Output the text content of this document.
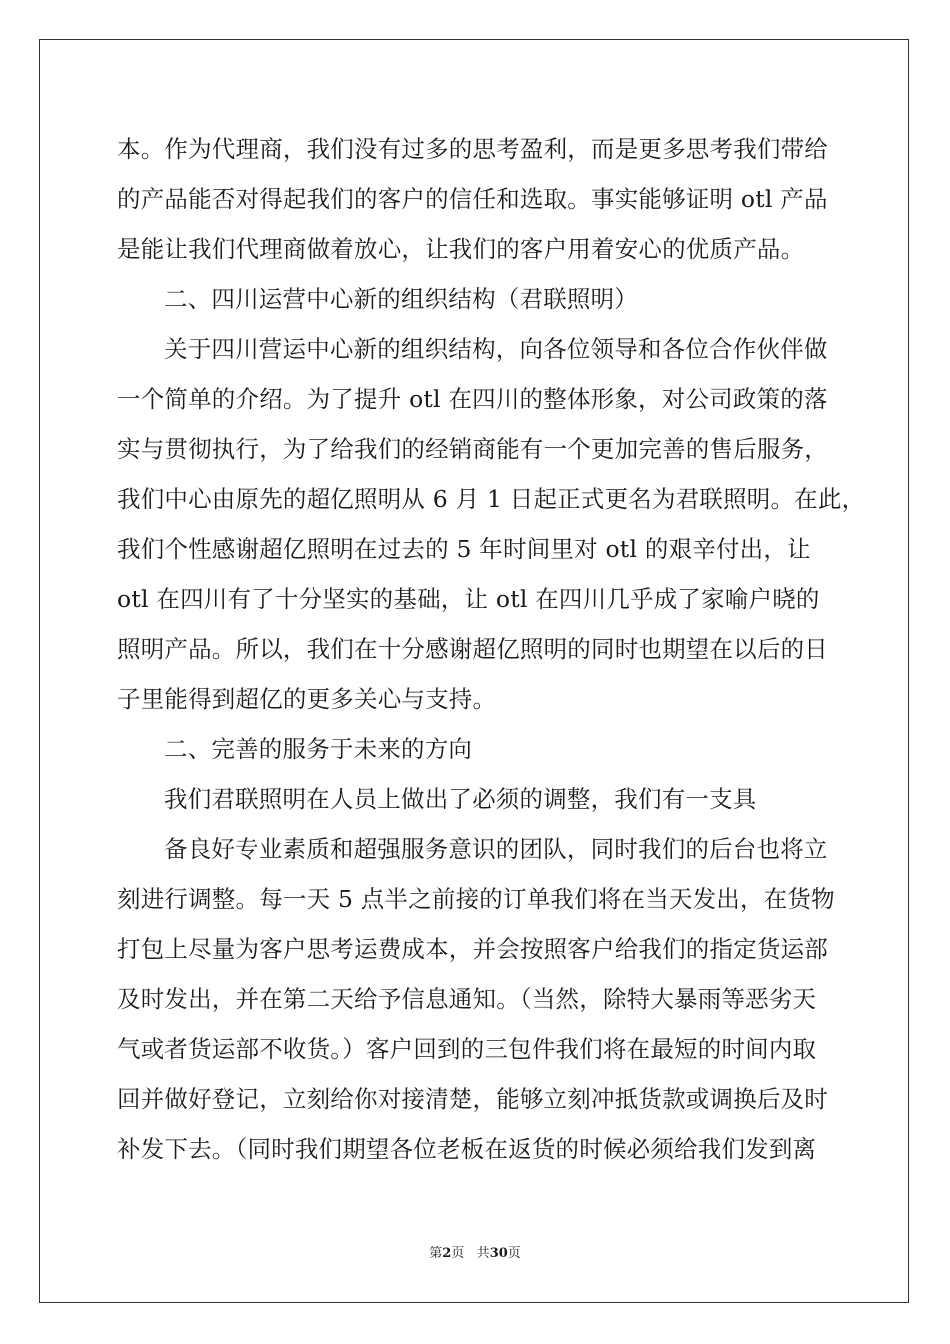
本。作为代理商，我们没有过多的思考盈利，而是更多思考我们带给
的产品能否对得起我们的客户的信任和选取。事实能够证明 otl 产品
是能让我们代理商做着放心，让我们的客户用着安心的优质产品。
二、四川运营中心新的组织结构（君联照明）
关于四川营运中心新的组织结构，向各位领导和各位合作伙伴做
一个简单的介绍。为了提升 otl 在四川的整体形象，对公司政策的落
实与贯彻执行，为了给我们的经销商能有一个更加完善的售后服务，
我们中心由原先的超亿照明从 6 月 1 日起正式更名为君联照明。在此，
我们个性感谢超亿照明在过去的 5 年时间里对 otl 的艰辛付出，让
otl 在四川有了十分坚实的基础，让 otl 在四川几乎成了家喻户晓的
照明产品。所以，我们在十分感谢超亿照明的同时也期望在以后的日
子里能得到超亿的更多关心与支持。
二、完善的服务于未来的方向
我们君联照明在人员上做出了必须的调整，我们有一支具
备良好专业素质和超强服务意识的团队，同时我们的后台也将立
刻进行调整。每一天 5 点半之前接的订单我们将在当天发出，在货物
打包上尽量为客户思考运费成本，并会按照客户给我们的指定货运部
及时发出，并在第二天给予信息通知。（当然，除特大暴雨等恶劣天
气或者货运部不收货。）客户回到的三包件我们将在最短的时间内取
回并做好登记，立刻给你对接清楚，能够立刻冲抵货款或调换后及时
补发下去。（同时我们期望各位老板在返货的时候必须给我们发到离
第2页 共30页
